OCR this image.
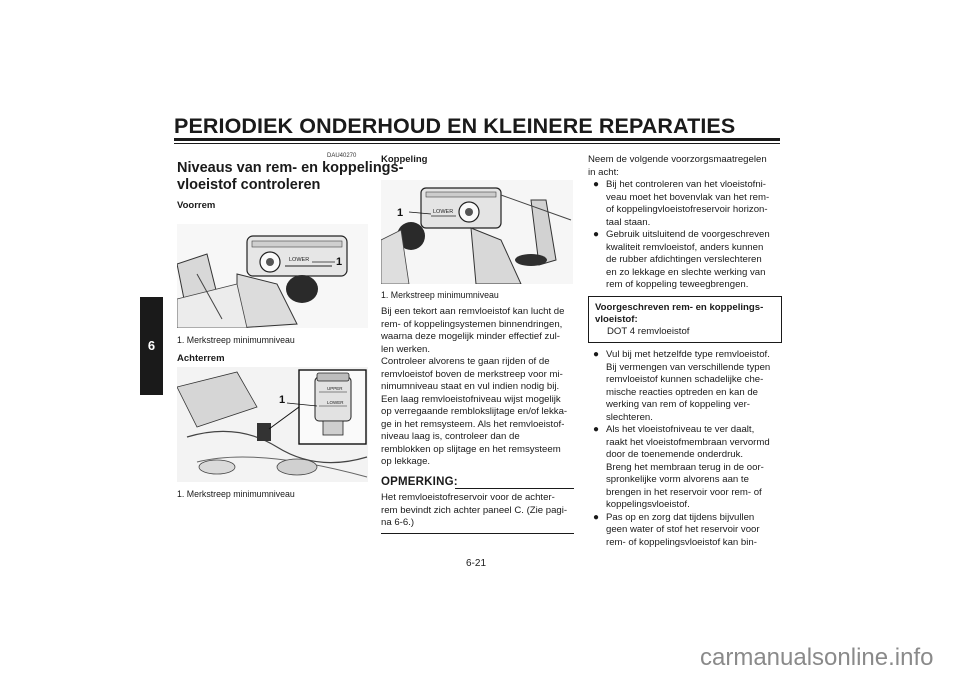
PERIODIEK ONDERHOUD EN KLEINERE REPARATIES
6
DAU40270
Niveaus van rem- en koppelings-
vloeistof controleren
Voorrem
LOWER 1
1. Merkstreep minimumniveau
Achterrem
UPPER
LOWER
1
1. Merkstreep minimumniveau
Koppeling
LOWER
1
1. Merkstreep minimumniveau
Bij een tekort aan remvloeistof kan lucht de
rem- of koppelingsystemen binnendringen,
waarna deze mogelijk minder effectief zul-
len werken.
Controleer alvorens te gaan rijden of de
remvloeistof boven de merkstreep voor mi-
nimumniveau staat en vul indien nodig bij.
Een laag remvloeistofniveau wijst mogelijk
op verregaande remblokslijtage en/of lekka-
ge in het remsysteem. Als het remvloeistof-
niveau laag is, controleer dan de
remblokken op slijtage en het remsysteem
op lekkage.
OPMERKING:
Het remvloeistofreservoir voor de achter-
rem bevindt zich achter paneel C. (Zie pagi-
na 6-6.)
Neem de volgende voorzorgsmaatregelen
in acht:
● Bij het controleren van het vloeistofni-
veau moet het bovenvlak van het rem-
of koppelingvloeistofreservoir horizon-
taal staan.
● Gebruik uitsluitend de voorgeschreven
kwaliteit remvloeistof, anders kunnen
de rubber afdichtingen verslechteren
en zo lekkage en slechte werking van
rem of koppeling teweegbrengen.
Voorgeschreven rem- en koppelings-
vloeistof:
DOT 4 remvloeistof
● Vul bij met hetzelfde type remvloeistof.
Bij vermengen van verschillende typen
remvloeistof kunnen schadelijke che-
mische reacties optreden en kan de
werking van rem of koppeling ver-
slechteren.
● Als het vloeistofniveau te ver daalt,
raakt het vloeistofmembraan vervormd
door de toenemende onderdruk.
Breng het membraan terug in de oor-
spronkelijke vorm alvorens aan te
brengen in het reservoir voor rem- of
koppelingsvloeistof.
● Pas op en zorg dat tijdens bijvullen
geen water of stof het reservoir voor
rem- of koppelingsvloeistof kan bin-
6-21
carmanualsonline.info
